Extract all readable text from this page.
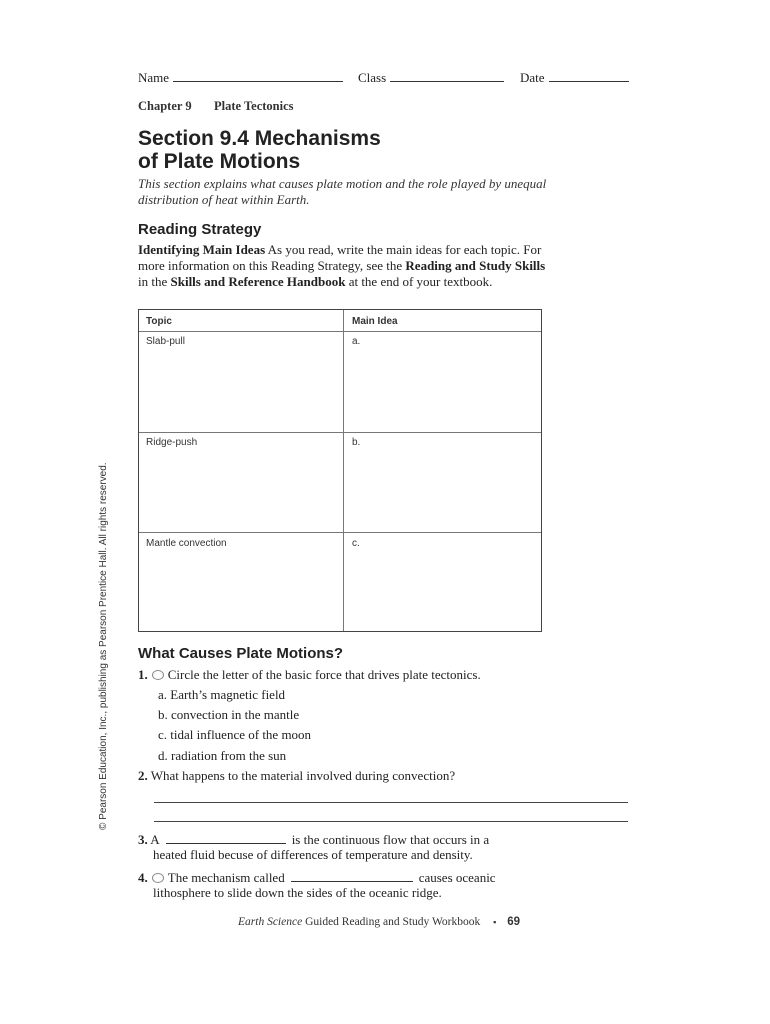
Name	Class	Date
Chapter 9 Plate Tectonics
Section 9.4 Mechanisms
of Plate Motions
This section explains what causes plate motion and the role played by unequal distribution of heat within Earth.
Reading Strategy
Identifying Main Ideas As you read, write the main ideas for each topic. For more information on this Reading Strategy, see the Reading and Study Skills in the Skills and Reference Handbook at the end of your textbook.
Topic	Main Idea
Slab-pull	a.
Ridge-push	b.
Mantle convection	c.
What Causes Plate Motions?
1. Circle the letter of the basic force that drives plate tectonics.
a. Earth’s magnetic field
b. convection in the mantle
c. tidal influence of the moon
d. radiation from the sun
2. What happens to the material involved during convection?
3. A	is the continuous flow that occurs in a
heated fluid becuse of differences of temperature and density.
4. The mechanism called	causes oceanic
lithosphere to slide down the sides of the oceanic ridge.
© Pearson Education, Inc., publishing as Pearson Prentice Hall. All rights reserved.
Earth Science Guided Reading and Study Workbook ▪ 69
